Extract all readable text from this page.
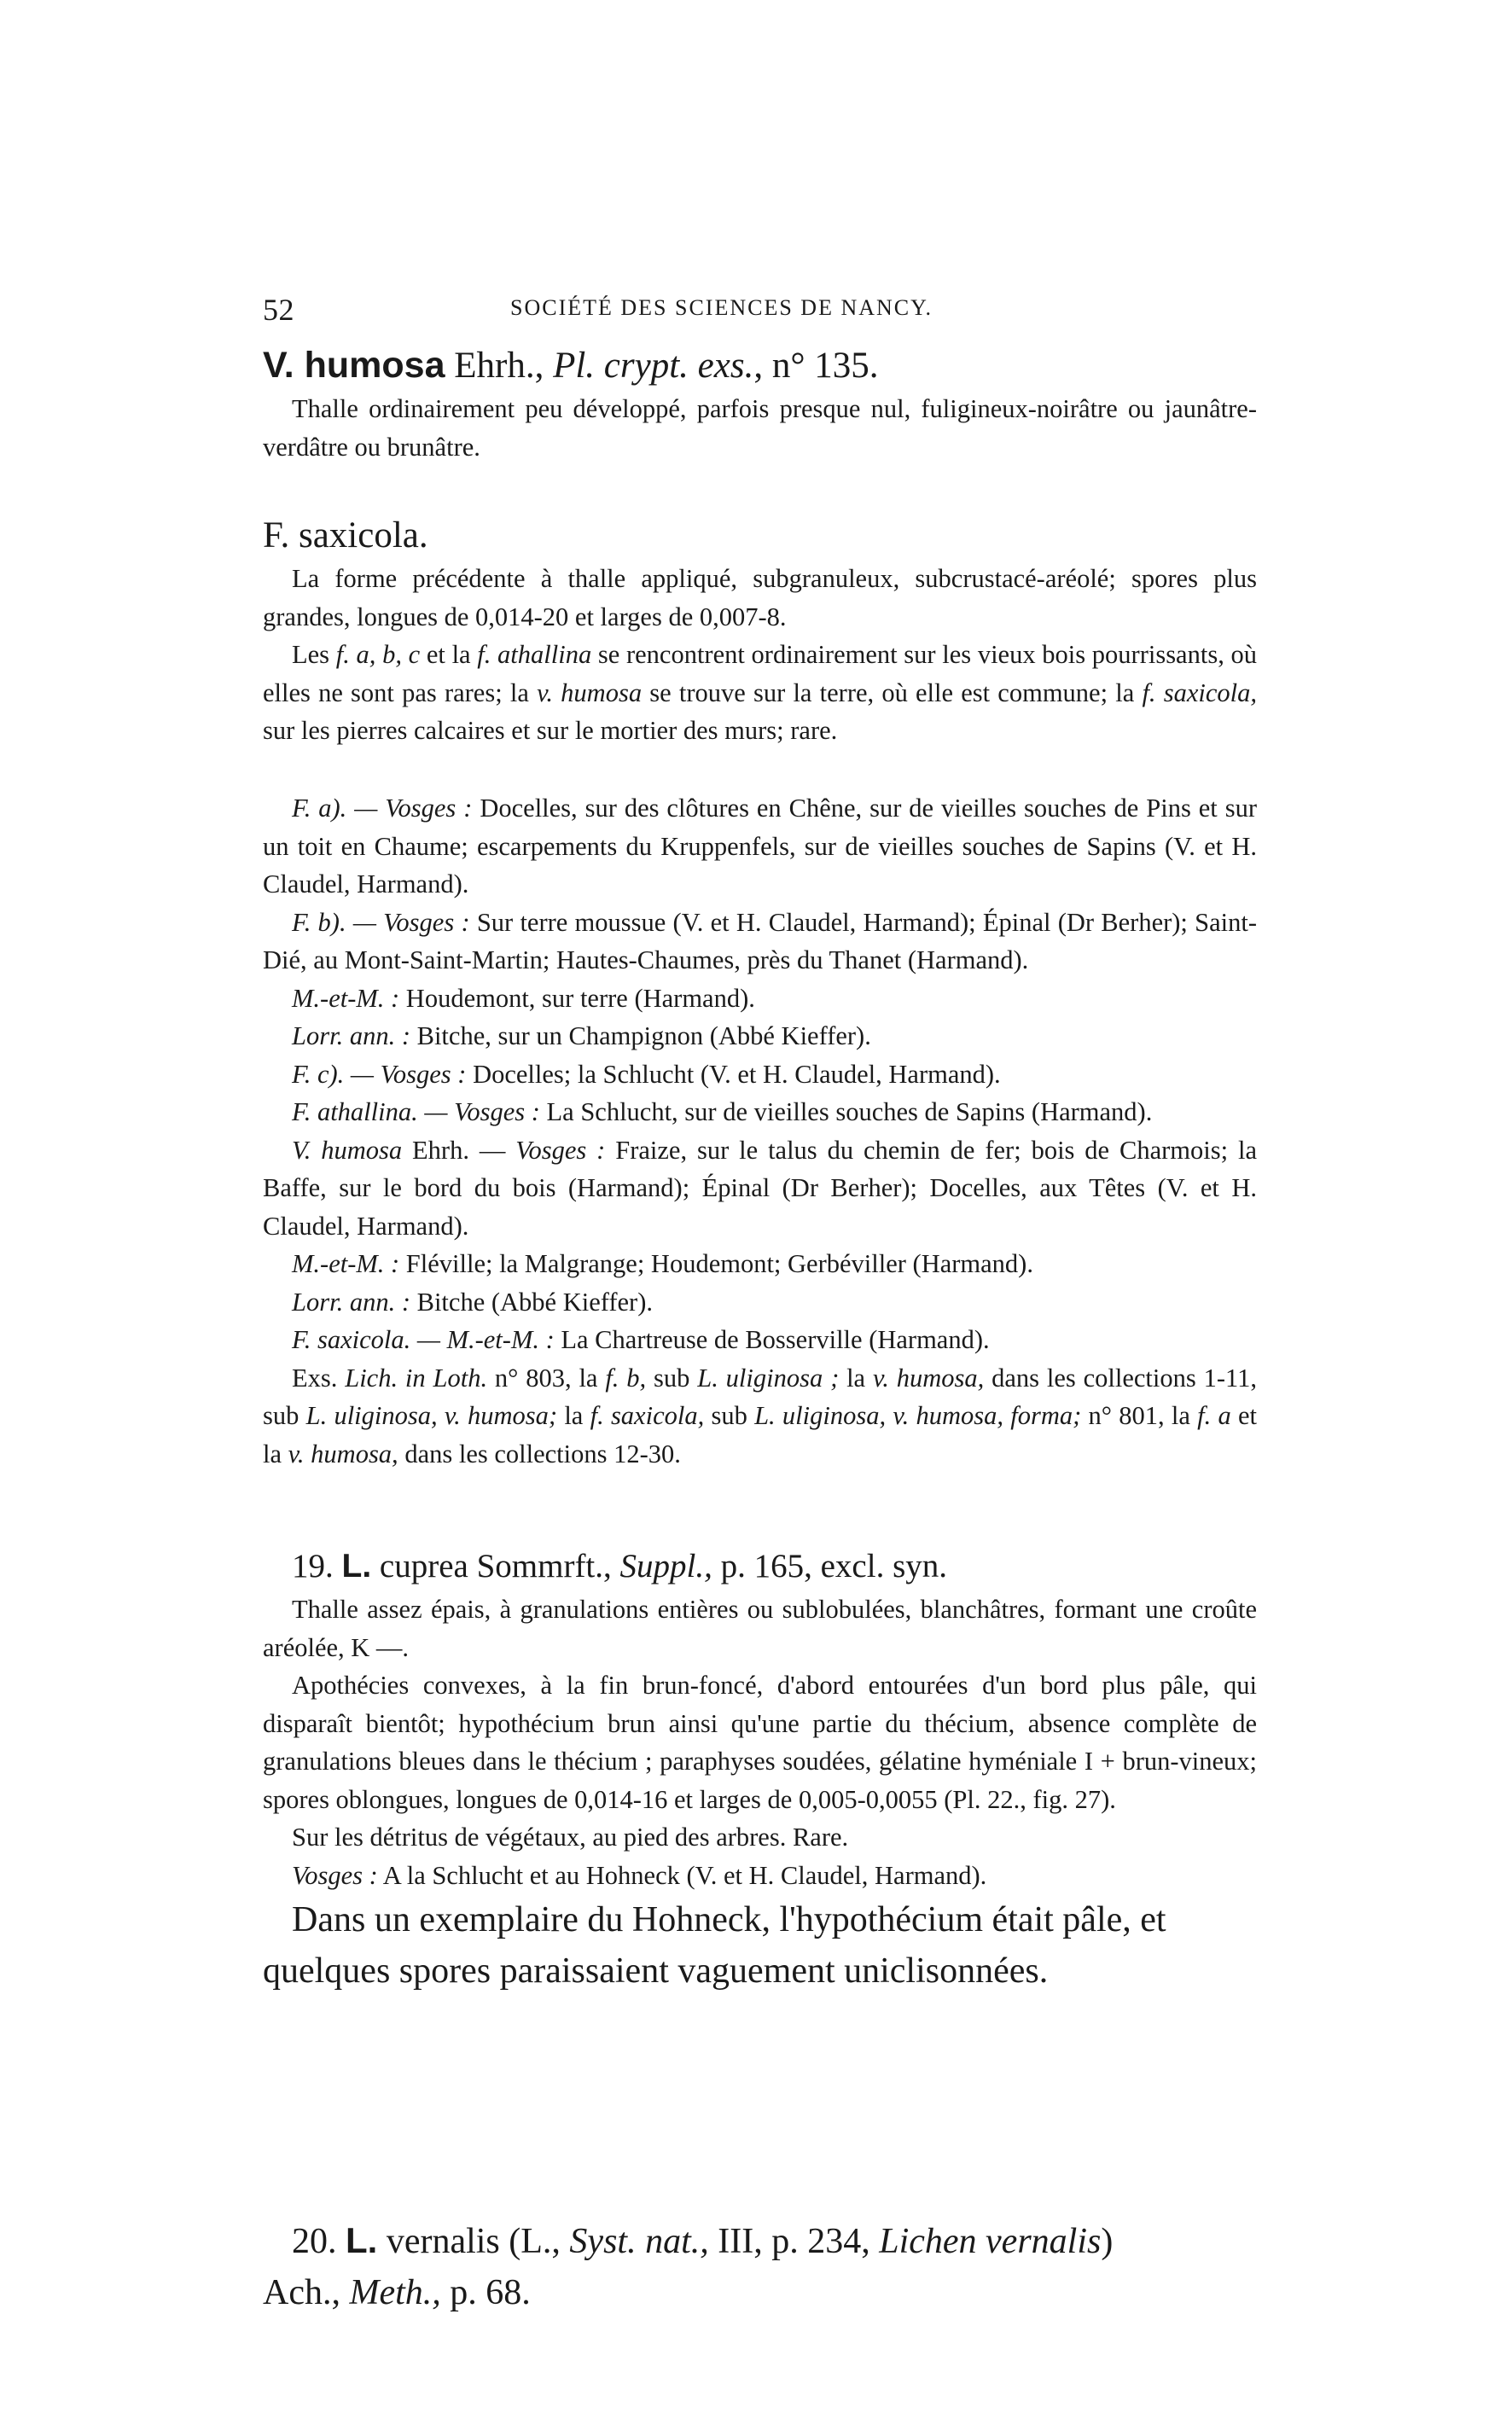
52	SOCIÉTÉ DES SCIENCES DE NANCY.

V. humosa Ehrh., Pl. crypt. exs., n° 135.

Thalle ordinairement peu développé, parfois presque nul, fuligineux-noirâtre ou jaunâtre-verdâtre ou brunâtre.

F. saxicola.

La forme précédente à thalle appliqué, subgranuleux, subcrustacé-aréolé; spores plus grandes, longues de 0,014-20 et larges de 0,007-8.

Les f. a, b, c et la f. athallina se rencontrent ordinairement sur les vieux bois pourrissants, où elles ne sont pas rares; la v. humosa se trouve sur la terre, où elle est commune; la f. saxicola, sur les pierres calcaires et sur le mortier des murs; rare.

F. a). — Vosges : Docelles, sur des clôtures en Chêne, sur de vieilles souches de Pins et sur un toit en Chaume; escarpements du Kruppenfels, sur de vieilles souches de Sapins (V. et H. Claudel, Harmand).

F. b). — Vosges : Sur terre moussue (V. et H. Claudel, Harmand); Épinal (Dr Berher); Saint-Dié, au Mont-Saint-Martin; Hautes-Chaumes, près du Thanet (Harmand).

M.-et-M. : Houdemont, sur terre (Harmand).

Lorr. ann. : Bitche, sur un Champignon (Abbé Kieffer).

F. c). — Vosges : Docelles; la Schlucht (V. et H. Claudel, Harmand).

F. athallina. — Vosges : La Schlucht, sur de vieilles souches de Sapins (Harmand).

V. humosa Ehrh. — Vosges : Fraize, sur le talus du chemin de fer; bois de Charmois; la Baffe, sur le bord du bois (Harmand); Épinal (Dr Berher); Docelles, aux Têtes (V. et H. Claudel, Harmand).

M.-et-M. : Fléville; la Malgrange; Houdemont; Gerbéviller (Harmand).

Lorr. ann. : Bitche (Abbé Kieffer).

F. saxicola. — M.-et-M. : La Chartreuse de Bosserville (Harmand).

Exs. Lich. in Loth. n° 803, la f. b, sub L. uliginosa ; la v. humosa, dans les collections 1-11, sub L. uliginosa, v. humosa; la f. saxicola, sub L. uliginosa, v. humosa, forma; n° 801, la f. a et la v. humosa, dans les collections 12-30.

19. L. cuprea Sommrft., Suppl., p. 165, excl. syn.

Thalle assez épais, à granulations entières ou sublobulées, blanchâtres, formant une croûte aréolée, K —.

Apothécies convexes, à la fin brun-foncé, d'abord entourées d'un bord plus pâle, qui disparaît bientôt; hypothécium brun ainsi qu'une partie du thécium, absence complète de granulations bleues dans le thécium ; paraphyses soudées, gélatine hyméniale I + brun-vineux; spores oblongues, longues de 0,014-16 et larges de 0,005-0,0055 (Pl. 22., fig. 27).

Sur les détritus de végétaux, au pied des arbres. Rare.

Vosges : A la Schlucht et au Hohneck (V. et H. Claudel, Harmand).

Dans un exemplaire du Hohneck, l'hypothécium était pâle, et quelques spores paraissaient vaguement uniclisonnées.

20. L. vernalis (L., Syst. nat., III, p. 234, Lichen vernalis)

Ach., Meth., p. 68.
